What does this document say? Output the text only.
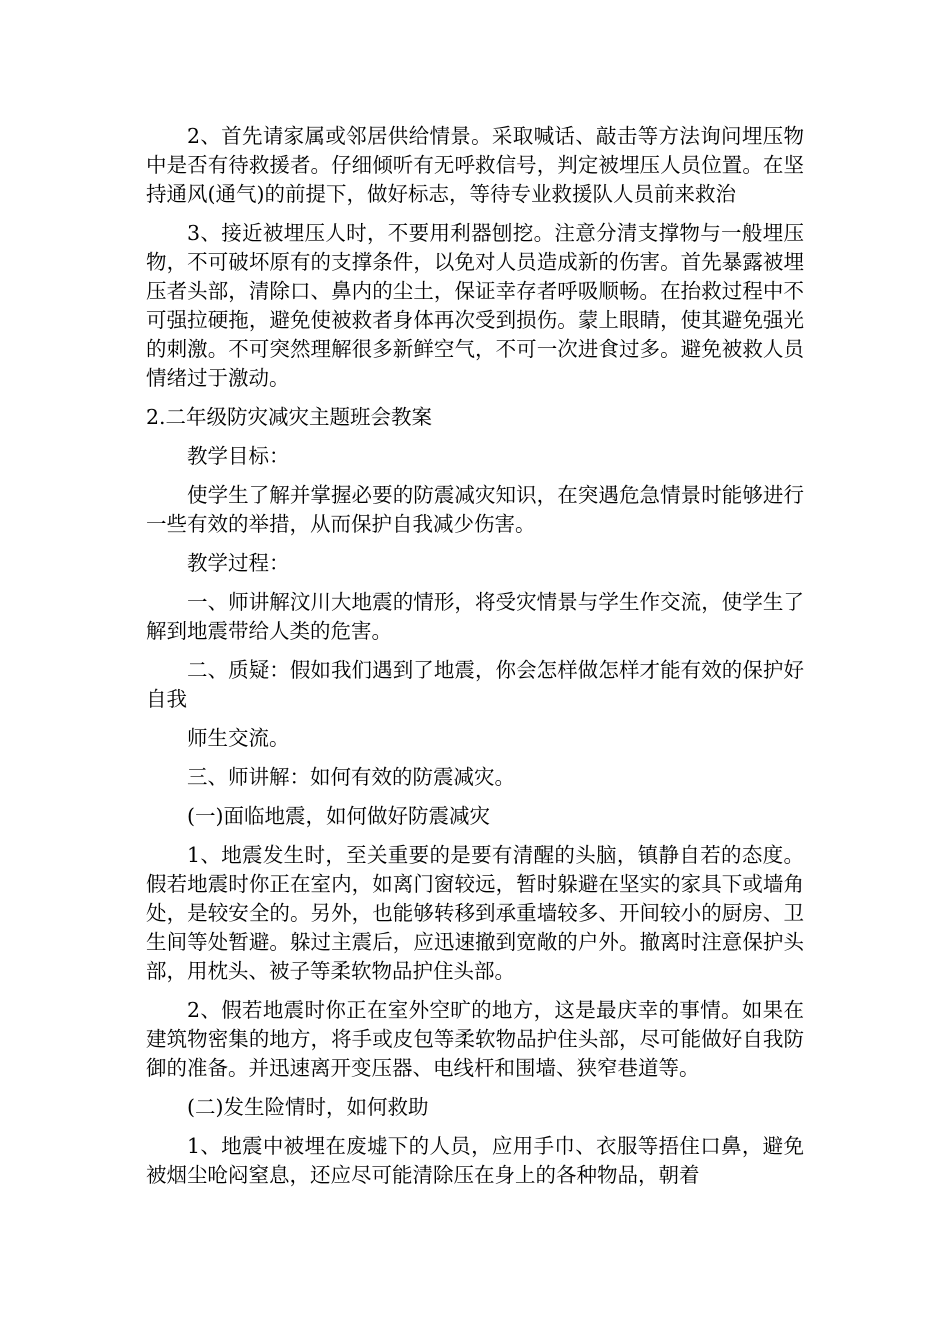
2、首先请家属或邻居供给情景。采取喊话、敲击等方法询问埋压物中是否有待救援者。仔细倾听有无呼救信号，判定被埋压人员位置。在坚持通风(通气)的前提下，做好标志，等待专业救援队人员前来救治

3、接近被埋压人时，不要用利器刨挖。注意分清支撑物与一般埋压物，不可破坏原有的支撑条件，以免对人员造成新的伤害。首先暴露被埋压者头部，清除口、鼻内的尘土，保证幸存者呼吸顺畅。在抬救过程中不可强拉硬拖，避免使被救者身体再次受到损伤。蒙上眼睛，使其避免强光的刺激。不可突然理解很多新鲜空气，不可一次进食过多。避免被救人员情绪过于激动。

2.二年级防灾减灾主题班会教案

教学目标：

使学生了解并掌握必要的防震减灾知识，在突遇危急情景时能够进行一些有效的举措，从而保护自我减少伤害。

教学过程：

一、师讲解汶川大地震的情形，将受灾情景与学生作交流，使学生了解到地震带给人类的危害。

二、质疑：假如我们遇到了地震，你会怎样做怎样才能有效的保护好自我

师生交流。

三、师讲解：如何有效的防震减灾。

(一)面临地震，如何做好防震减灾

1、地震发生时，至关重要的是要有清醒的头脑，镇静自若的态度。假若地震时你正在室内，如离门窗较远，暂时躲避在坚实的家具下或墙角处，是较安全的。另外，也能够转移到承重墙较多、开间较小的厨房、卫生间等处暂避。躲过主震后，应迅速撤到宽敞的户外。撤离时注意保护头部，用枕头、被子等柔软物品护住头部。

2、假若地震时你正在室外空旷的地方，这是最庆幸的事情。如果在建筑物密集的地方，将手或皮包等柔软物品护住头部，尽可能做好自我防御的准备。并迅速离开变压器、电线杆和围墙、狭窄巷道等。

(二)发生险情时，如何救助

1、地震中被埋在废墟下的人员，应用手巾、衣服等捂住口鼻，避免被烟尘呛闷窒息，还应尽可能清除压在身上的各种物品，朝着
